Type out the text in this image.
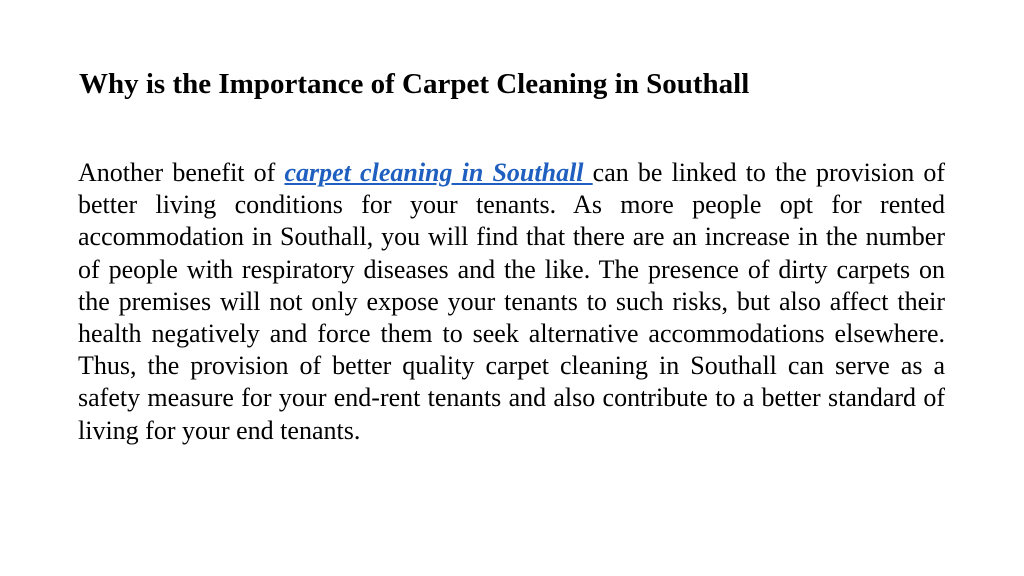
Why is the Importance of Carpet Cleaning in Southall

Another benefit of carpet cleaning in Southall can be linked to the provision of better living conditions for your tenants. As more people opt for rented accommodation in Southall, you will find that there are an increase in the number of people with respiratory diseases and the like. The presence of dirty carpets on the premises will not only expose your tenants to such risks, but also affect their health negatively and force them to seek alternative accommodations elsewhere. Thus, the provision of better quality carpet cleaning in Southall can serve as a safety measure for your end-rent tenants and also contribute to a better standard of living for your end tenants.
